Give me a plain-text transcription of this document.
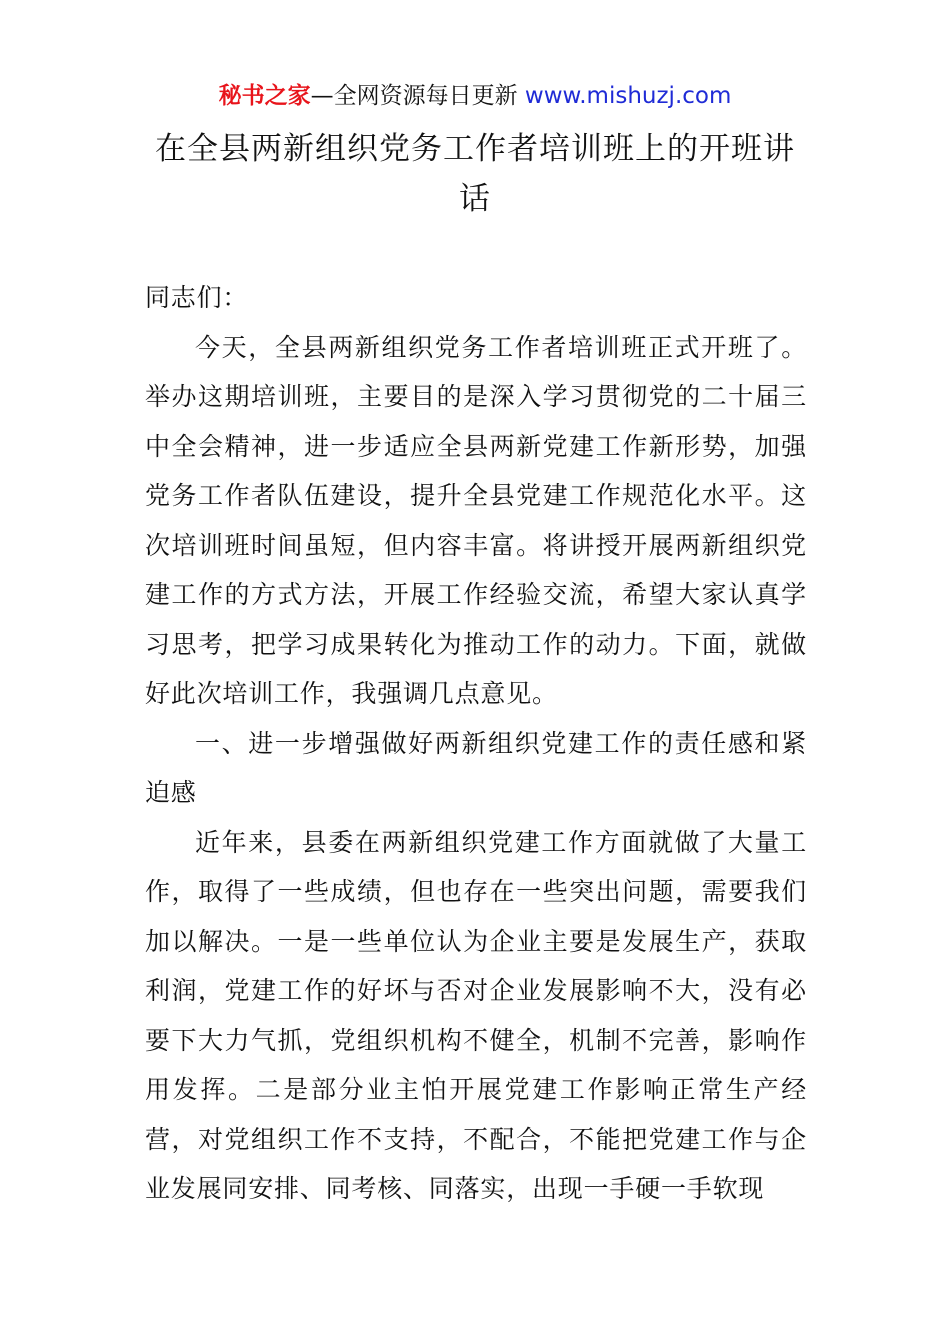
秘书之家—全网资源每日更新 www.mishuzj.com
在全县两新组织党务工作者培训班上的开班讲话

同志们：

今天，全县两新组织党务工作者培训班正式开班了。举办这期培训班，主要目的是深入学习贯彻党的二十届三中全会精神，进一步适应全县两新党建工作新形势，加强党务工作者队伍建设，提升全县党建工作规范化水平。这次培训班时间虽短，但内容丰富。将讲授开展两新组织党建工作的方式方法，开展工作经验交流，希望大家认真学习思考，把学习成果转化为推动工作的动力。下面，就做好此次培训工作，我强调几点意见。

一、进一步增强做好两新组织党建工作的责任感和紧迫感

近年来，县委在两新组织党建工作方面就做了大量工作，取得了一些成绩，但也存在一些突出问题，需要我们加以解决。一是一些单位认为企业主要是发展生产，获取利润，党建工作的好坏与否对企业发展影响不大，没有必要下大力气抓，党组织机构不健全，机制不完善，影响作用发挥。二是部分业主怕开展党建工作影响正常生产经营，对党组织工作不支持，不配合，不能把党建工作与企业发展同安排、同考核、同落实，出现一手硬一手软现
